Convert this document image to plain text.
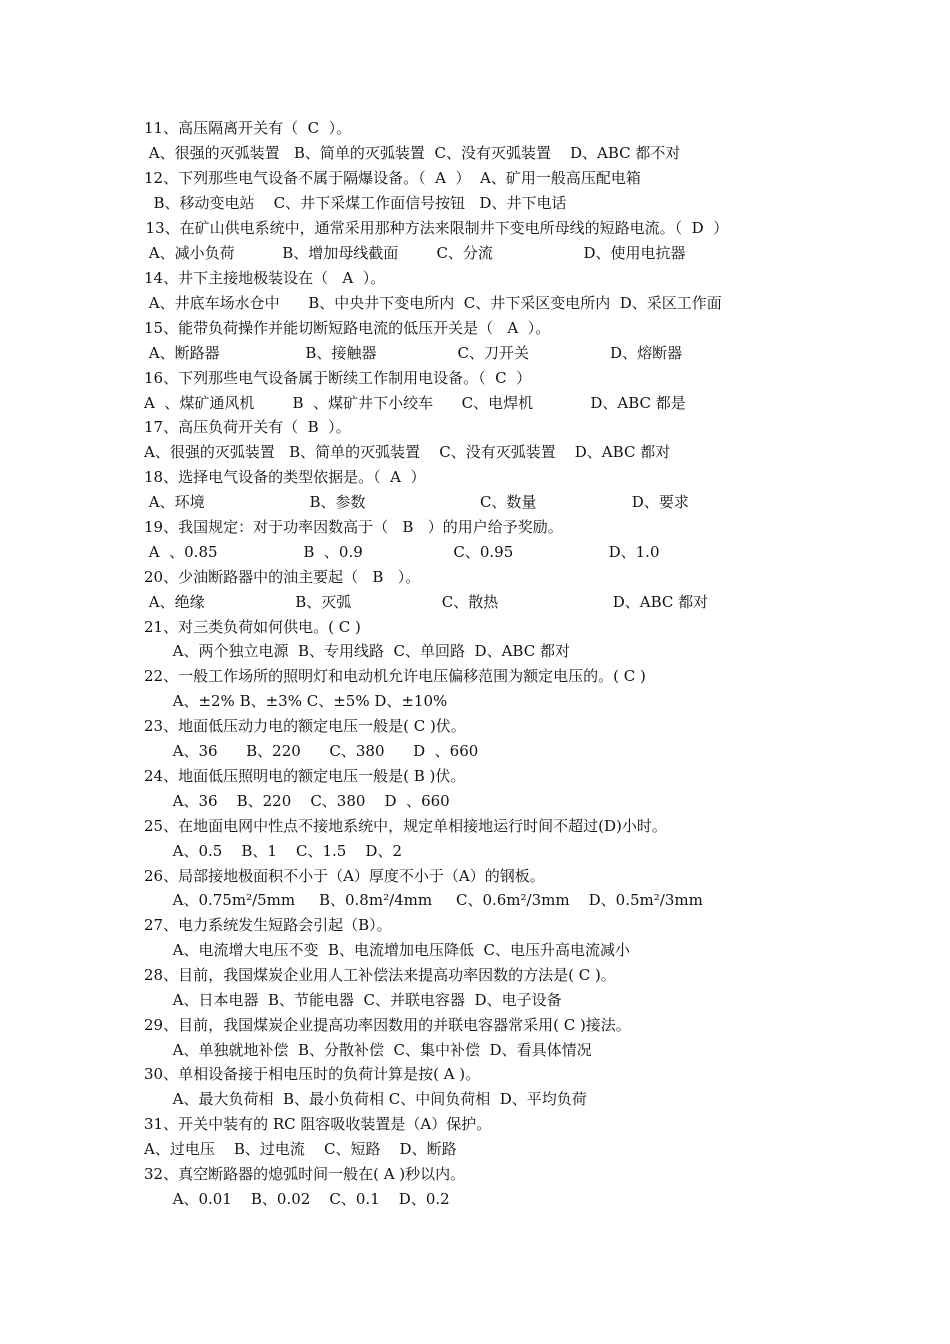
11、高压隔离开关有（  C  ）。
A、很强的灭弧装置   B、简单的灭弧装置  C、没有灭弧装置    D、ABC 都不对
12、下列那些电气设备不属于隔爆设备。（  A  ）  A、矿用一般高压配电箱
B、移动变电站    C、井下采煤工作面信号按钮   D、井下电话
13、在矿山供电系统中，通常采用那种方法来限制井下变电所母线的短路电流。（  D  ）
A、减小负荷          B、增加母线截面        C、分流                   D、使用电抗器
14、井下主接地极装设在（   A  ）。
A、井底车场水仓中      B、中央井下变电所内  C、井下采区变电所内  D、采区工作面
15、能带负荷操作并能切断短路电流的低压开关是（   A  ）。
A、断路器                  B、接触器                 C、刀开关                 D、熔断器
16、下列那些电气设备属于断续工作制用电设备。（  C  ）
A  、煤矿通风机        B  、煤矿井下小绞车      C、电焊机            D、ABC 都是
17、高压负荷开关有（  B  ）。
A、很强的灭弧装置   B、简单的灭弧装置    C、没有灭弧装置    D、ABC 都对
18、选择电气设备的类型依据是。（  A  ）
A、环境                      B、参数                        C、数量                    D、要求
19、我国规定：对于功率因数高于（   B   ）的用户给予奖励。
A  、0.85                  B  、0.9                   C、0.95                    D、1.0
20、少油断路器中的油主要起（   B   ）。
A、绝缘                   B、灭弧                   C、散热                        D、ABC 都对
21、对三类负荷如何供电。( C )
A、两个独立电源  B、专用线路  C、单回路  D、ABC 都对
22、一般工作场所的照明灯和电动机允许电压偏移范围为额定电压的。( C )
A、±2% B、±3% C、±5% D、±10%
23、地面低压动力电的额定电压一般是( C )伏。
A、36      B、220      C、380      D  、660
24、地面低压照明电的额定电压一般是( B )伏。
A、36    B、220    C、380    D  、660
25、在地面电网中性点不接地系统中，规定单相接地运行时间不超过(D)小时。
A、0.5    B、1    C、1.5    D、2
26、局部接地极面积不小于（A）厚度不小于（A）的钢板。
A、0.75m²/5mm     B、0.8m²/4mm     C、0.6m²/3mm    D、0.5m²/3mm
27、电力系统发生短路会引起（B）。
A、电流增大电压不变  B、电流增加电压降低  C、电压升高电流减小
28、目前，我国煤炭企业用人工补偿法来提高功率因数的方法是( C )。
A、日本电器  B、节能电器  C、并联电容器  D、电子设备
29、目前，我国煤炭企业提高功率因数用的并联电容器常采用( C )接法。
A、单独就地补偿  B、分散补偿  C、集中补偿  D、看具体情况
30、单相设备接于相电压时的负荷计算是按( A )。
A、最大负荷相  B、最小负荷相 C、中间负荷相  D、平均负荷
31、开关中装有的 RC 阻容吸收装置是（A）保护。
A、过电压    B、过电流    C、短路    D、断路
32、真空断路器的熄弧时间一般在( A )秒以内。
A、0.01    B、0.02    C、0.1    D、0.2
